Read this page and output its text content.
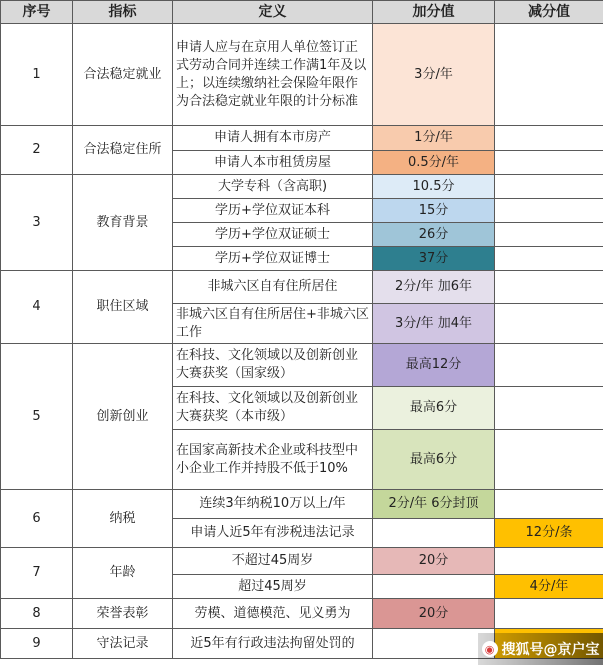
序号	指标	定义	加分值	减分值
1	合法稳定就业	申请人应与在京用人单位签订正式劳动合同并连续工作满1年及以上；以连续缴纳社会保险年限作为合法稳定就业年限的计分标准	3分/年	
2	合法稳定住所	申请人拥有本市房产	1分/年	
		申请人本市租赁房屋	0.5分/年	
3	教育背景	大学专科（含高职)	10.5分	
		学历+学位双证本科	15分	
		学历+学位双证硕士	26分	
		学历+学位双证博士	37分	
4	职住区域	非城六区自有住所居住	2分/年 加6年	
		非城六区自有住所居住+非城六区工作	3分/年 加4年	
5	创新创业	在科技、文化领域以及创新创业大赛获奖（国家级）	最高12分	
		在科技、文化领域以及创新创业大赛获奖（本市级）	最高6分	
		在国家高新技术企业或科技型中小企业工作并持股不低于10%	最高6分	
6	纳税	连续3年纳税10万以上/年	2分/年 6分封顶	
		申请人近5年有涉税违法记录		12分/条
7	年龄	不超过45周岁	20分	
		超过45周岁		4分/年
8	荣誉表彰	劳模、道德模范、见义勇为	20分	
9	守法记录	近5年有行政违法拘留处罚的			◉ 搜狐号@京户宝
